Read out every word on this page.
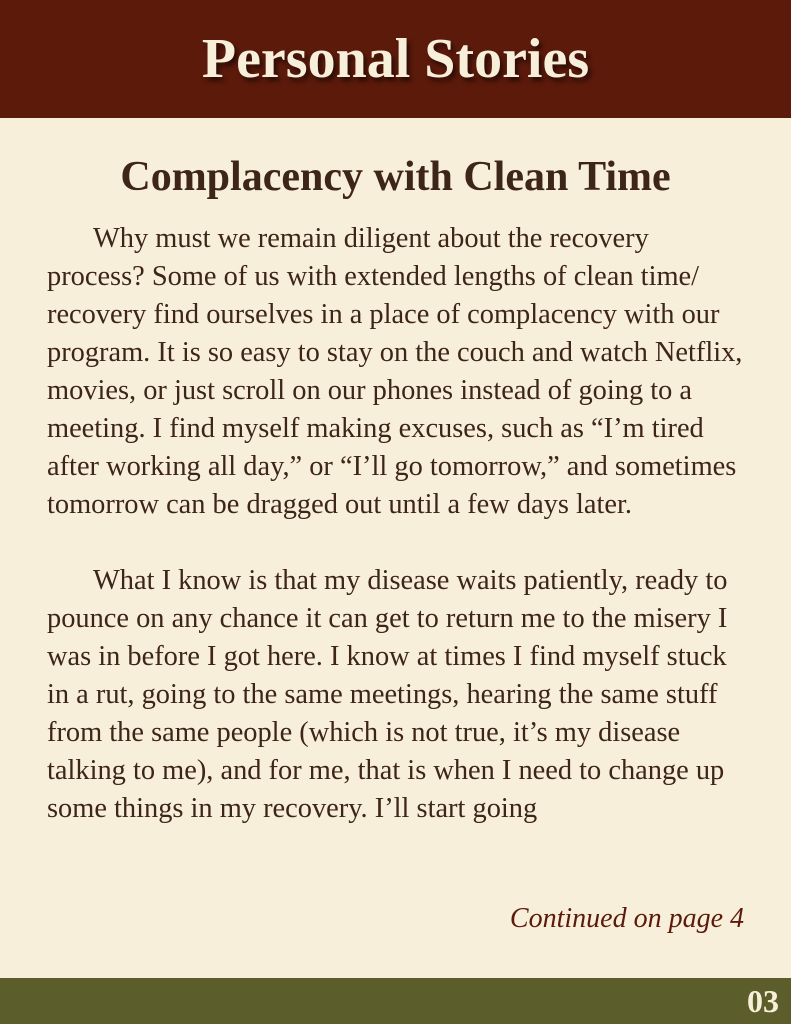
Personal Stories
Complacency with Clean Time

Why must we remain diligent about the recovery process? Some of us with extended lengths of clean time/ recovery find ourselves in a place of complacency with our program. It is so easy to stay on the couch and watch Netflix, movies, or just scroll on our phones instead of going to a meeting. I find myself making excuses, such as “I’m tired after working all day,” or “I’ll go tomorrow,” and sometimes tomorrow can be dragged out until a few days later.

What I know is that my disease waits patiently, ready to pounce on any chance it can get to return me to the misery I was in before I got here. I know at times I find myself stuck in a rut, going to the same meetings, hearing the same stuff from the same people (which is not true, it’s my disease talking to me), and for me, that is when I need to change up some things in my recovery. I’ll start going

Continued on page 4
03
